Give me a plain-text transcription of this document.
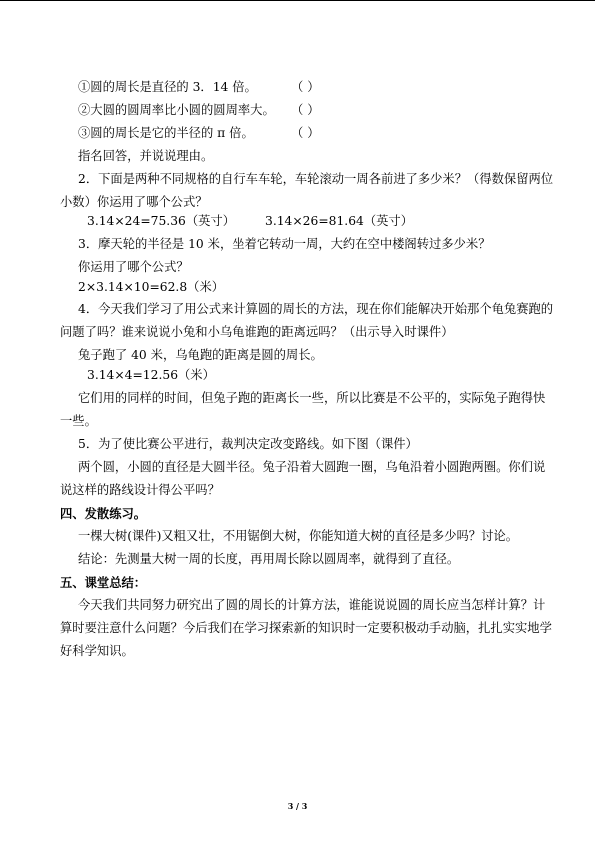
①圆的周长是直径的 3．14 倍。	（ ）
②大圆的圆周率比小圆的圆周率大。 （ ）
③圆的周长是它的半径的 π 倍。	（ ）
指名回答，并说说理由。
2．下面是两种不同规格的自行车车轮，车轮滚动一周各前进了多少米？（得数保留两位
小数）你运用了哪个公式？
3.14×24=75.36（英寸） 3.14×26=81.64（英寸）
3．摩天轮的半径是 10 米，坐着它转动一周，大约在空中楼阁转过多少米？
你运用了哪个公式？
2×3.14×10=62.8（米）
4．今天我们学习了用公式来计算圆的周长的方法，现在你们能解决开始那个龟兔赛跑的
问题了吗？谁来说说小兔和小乌龟谁跑的距离远吗？（出示导入时课件）
兔子跑了 40 米，乌龟跑的距离是圆的周长。
3.14×4=12.56（米）
它们用的同样的时间，但兔子跑的距离长一些，所以比赛是不公平的，实际兔子跑得快
一些。
5．为了使比赛公平进行，裁判决定改变路线。如下图（课件）
两个圆，小圆的直径是大圆半径。兔子沿着大圆跑一圈，乌龟沿着小圆跑两圈。你们说
说这样的路线设计得公平吗？
四、发散练习。
一棵大树(课件)又粗又壮，不用锯倒大树，你能知道大树的直径是多少吗？讨论。
结论：先测量大树一周的长度，再用周长除以圆周率，就得到了直径。
五、课堂总结：
今天我们共同努力研究出了圆的周长的计算方法，谁能说说圆的周长应当怎样计算？计
算时要注意什么问题？今后我们在学习探索新的知识时一定要积极动手动脑，扎扎实实地学
好科学知识。
3 / 3
